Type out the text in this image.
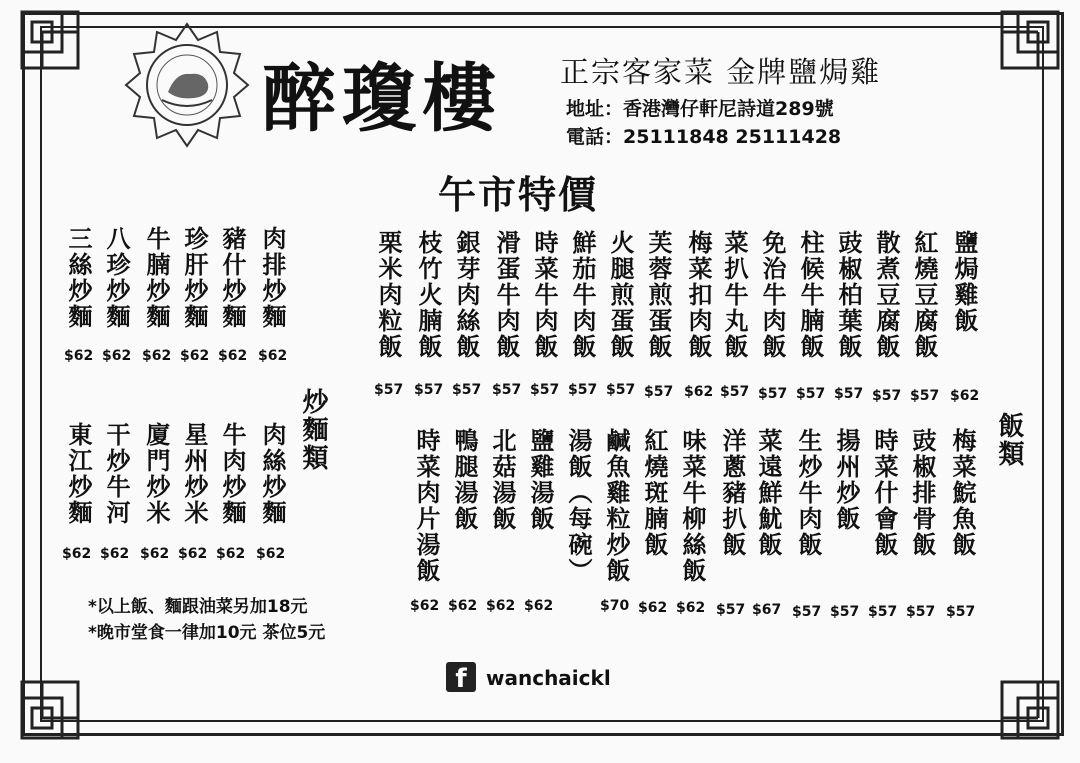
醉瓊樓 正宗客家菜 金牌鹽焗雞
地址：香港灣仔軒尼詩道289號
電話：25111848 25111428
午市特價
炒麵類	飯類
三絲炒麵
$62
八珍炒麵
$62
牛腩炒麵
$62
珍肝炒麵
$62
豬什炒麵
$62
肉排炒麵
$62
東江炒麵
$62
干炒牛河
$62
廈門炒米
$62
星州炒米
$62
牛肉炒麵
$62
肉絲炒麵
$62
栗米肉粒飯
$57
枝竹火腩飯
$57
銀芽肉絲飯
$57
滑蛋牛肉飯
$57
時菜牛肉飯
$57
鮮茄牛肉飯
$57
火腿煎蛋飯
$57
芙蓉煎蛋飯
$57
梅菜扣肉飯
$62
菜扒牛丸飯
$57
免治牛肉飯
$57
柱候牛腩飯
$57
豉椒柏葉飯
$57
散煮豆腐飯
$57
紅燒豆腐飯
$57
鹽焗雞飯
$62
時菜肉片湯飯
$62
鴨腿湯飯
$62
北菇湯飯
$62
鹽雞湯飯
$62
湯飯（每碗） 鹹魚雞粒炒飯
$70
紅燒斑腩飯
$62
味菜牛柳絲飯
$62
洋蔥豬扒飯
$57
菜遠鮮魷飯
$67
生炒牛肉飯
$57
揚州炒飯
$57
時菜什會飯
$57
豉椒排骨飯
$57
梅菜鯇魚飯
$57
*以上飯、麵跟油菜另加18元
*晚市堂食一律加10元 茶位5元
f wanchaickl
